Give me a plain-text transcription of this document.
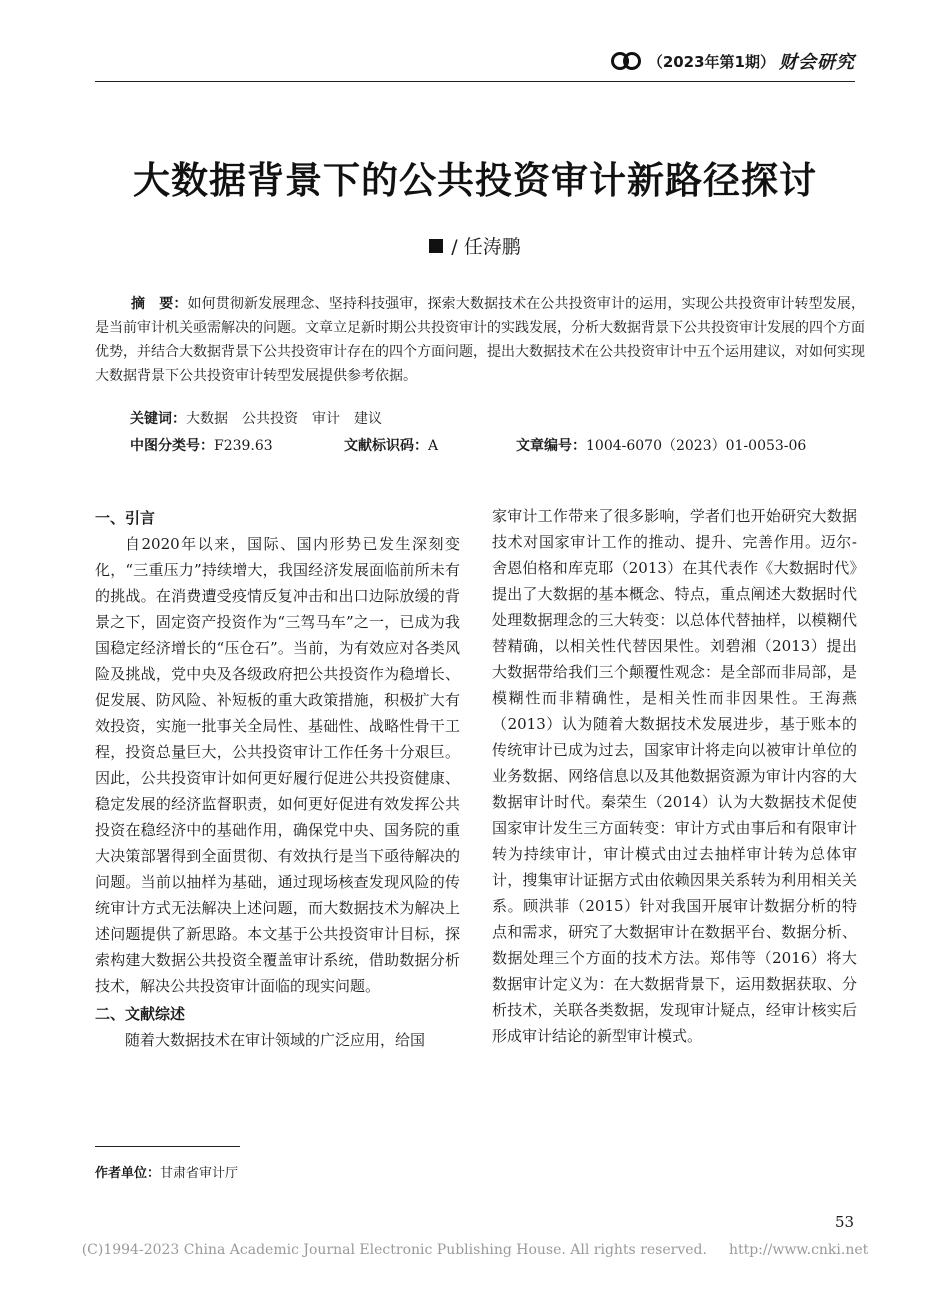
（2023年第1期） 财会研究
大数据背景下的公共投资审计新路径探讨
/ 任涛鹏
摘　要：如何贯彻新发展理念、坚持科技强审，探索大数据技术在公共投资审计的运用，实现公共投资审计转型发展，是当前审计机关亟需解决的问题。文章立足新时期公共投资审计的实践发展，分析大数据背景下公共投资审计发展的四个方面优势，并结合大数据背景下公共投资审计存在的四个方面问题，提出大数据技术在公共投资审计中五个运用建议，对如何实现大数据背景下公共投资审计转型发展提供参考依据。
关键词：大数据 公共投资 审计 建议
中图分类号：F239.63	文献标识码：A	文章编号：1004-6070（2023）01-0053-06
一、引言

自2020年以来，国际、国内形势已发生深刻变化，“三重压力”持续增大，我国经济发展面临前所未有的挑战。在消费遭受疫情反复冲击和出口边际放缓的背景之下，固定资产投资作为“三驾马车”之一，已成为我国稳定经济增长的“压仓石”。当前，为有效应对各类风险及挑战，党中央及各级政府把公共投资作为稳增长、促发展、防风险、补短板的重大政策措施，积极扩大有效投资，实施一批事关全局性、基础性、战略性骨干工程，投资总量巨大，公共投资审计工作任务十分艰巨。因此，公共投资审计如何更好履行促进公共投资健康、稳定发展的经济监督职责，如何更好促进有效发挥公共投资在稳经济中的基础作用，确保党中央、国务院的重大决策部署得到全面贯彻、有效执行是当下亟待解决的问题。当前以抽样为基础，通过现场核查发现风险的传统审计方式无法解决上述问题，而大数据技术为解决上述问题提供了新思路。本文基于公共投资审计目标，探索构建大数据公共投资全覆盖审计系统，借助数据分析技术，解决公共投资审计面临的现实问题。

二、文献综述

随着大数据技术在审计领域的广泛应用，给国

家审计工作带来了很多影响，学者们也开始研究大数据技术对国家审计工作的推动、提升、完善作用。迈尔-舍恩伯格和库克耶（2013）在其代表作《大数据时代》提出了大数据的基本概念、特点，重点阐述大数据时代处理数据理念的三大转变：以总体代替抽样，以模糊代替精确，以相关性代替因果性。刘碧湘（2013）提出大数据带给我们三个颠覆性观念：是全部而非局部，是模糊性而非精确性，是相关性而非因果性。王海燕（2013）认为随着大数据技术发展进步，基于账本的传统审计已成为过去，国家审计将走向以被审计单位的业务数据、网络信息以及其他数据资源为审计内容的大数据审计时代。秦荣生（2014）认为大数据技术促使国家审计发生三方面转变：审计方式由事后和有限审计转为持续审计，审计模式由过去抽样审计转为总体审计，搜集审计证据方式由依赖因果关系转为利用相关关系。顾洪菲（2015）针对我国开展审计数据分析的特点和需求，研究了大数据审计在数据平台、数据分析、数据处理三个方面的技术方法。郑伟等（2016）将大数据审计定义为：在大数据背景下，运用数据获取、分析技术，关联各类数据，发现审计疑点，经审计核实后形成审计结论的新型审计模式。

作者单位：甘肃省审计厅
53
(C)1994-2023 China Academic Journal Electronic Publishing House. All rights reserved. http://www.cnki.net
